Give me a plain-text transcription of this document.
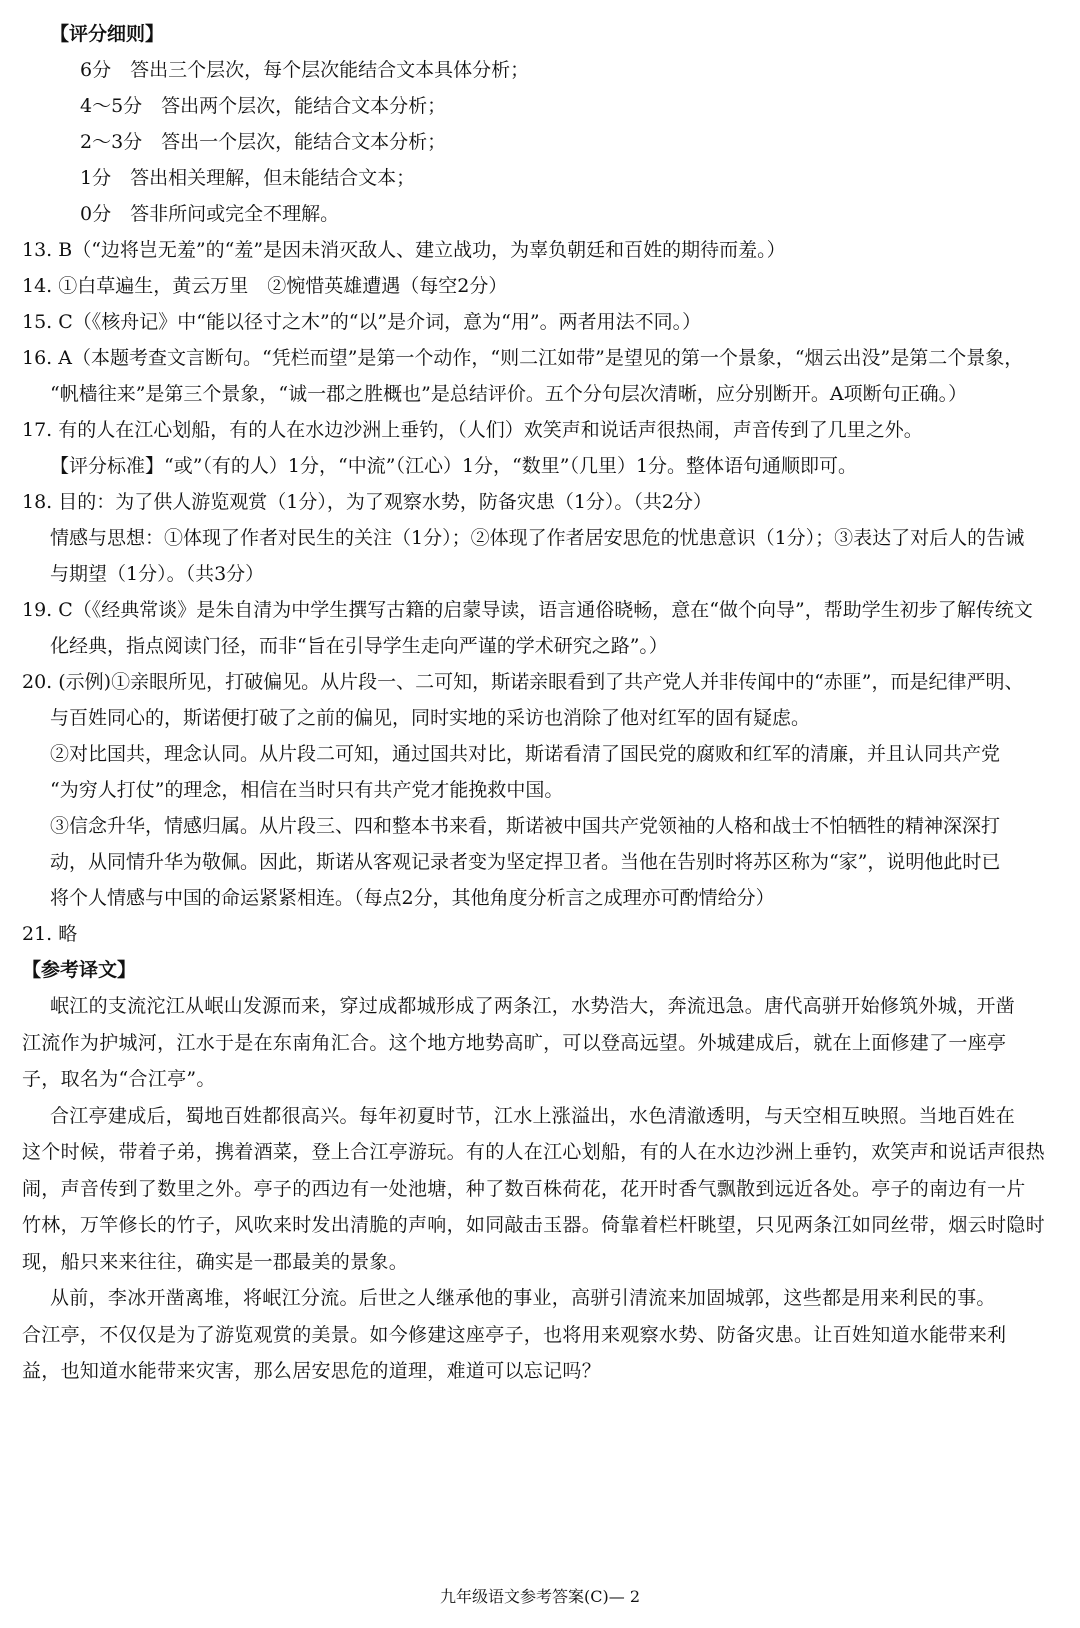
【评分细则】
6分　答出三个层次，每个层次能结合文本具体分析；
4～5分　答出两个层次，能结合文本分析；
2～3分　答出一个层次，能结合文本分析；
1分　答出相关理解，但未能结合文本；
0分　答非所问或完全不理解。
13. B（“边将岂无羞”的“羞”是因未消灭敌人、建立战功，为辜负朝廷和百姓的期待而羞。）
14. ①白草遍生，黄云万里　②惋惜英雄遭遇（每空2分）
15. C（《核舟记》中“能以径寸之木”的“以”是介词，意为“用”。两者用法不同。）
16. A（本题考查文言断句。“凭栏而望”是第一个动作，“则二江如带”是望见的第一个景象，“烟云出没”是第二个景象，
“帆樯往来”是第三个景象，“诚一郡之胜概也”是总结评价。五个分句层次清晰，应分别断开。A项断句正确。）
17. 有的人在江心划船，有的人在水边沙洲上垂钓，（人们）欢笑声和说话声很热闹，声音传到了几里之外。
【评分标准】“或”（有的人）1分，“中流”（江心）1分，“数里”（几里）1分。整体语句通顺即可。
18. 目的：为了供人游览观赏（1分），为了观察水势，防备灾患（1分）。（共2分）
情感与思想：①体现了作者对民生的关注（1分）；②体现了作者居安思危的忧患意识（1分）；③表达了对后人的告诫
与期望（1分）。（共3分）
19. C（《经典常谈》是朱自清为中学生撰写古籍的启蒙导读，语言通俗晓畅，意在“做个向导”，帮助学生初步了解传统文
化经典，指点阅读门径，而非“旨在引导学生走向严谨的学术研究之路”。）
20. (示例)①亲眼所见，打破偏见。从片段一、二可知，斯诺亲眼看到了共产党人并非传闻中的“赤匪”，而是纪律严明、
与百姓同心的，斯诺便打破了之前的偏见，同时实地的采访也消除了他对红军的固有疑虑。
②对比国共，理念认同。从片段二可知，通过国共对比，斯诺看清了国民党的腐败和红军的清廉，并且认同共产党
“为穷人打仗”的理念，相信在当时只有共产党才能挽救中国。
③信念升华，情感归属。从片段三、四和整本书来看，斯诺被中国共产党领袖的人格和战士不怕牺牲的精神深深打
动，从同情升华为敬佩。因此，斯诺从客观记录者变为坚定捍卫者。当他在告别时将苏区称为“家”，说明他此时已
将个人情感与中国的命运紧紧相连。（每点2分，其他角度分析言之成理亦可酌情给分）
21. 略
【参考译文】
岷江的支流沱江从岷山发源而来，穿过成都城形成了两条江，水势浩大，奔流迅急。唐代高骈开始修筑外城，开凿
江流作为护城河，江水于是在东南角汇合。这个地方地势高旷，可以登高远望。外城建成后，就在上面修建了一座亭
子，取名为“合江亭”。
合江亭建成后，蜀地百姓都很高兴。每年初夏时节，江水上涨溢出，水色清澈透明，与天空相互映照。当地百姓在
这个时候，带着子弟，携着酒菜，登上合江亭游玩。有的人在江心划船，有的人在水边沙洲上垂钓，欢笑声和说话声很热
闹，声音传到了数里之外。亭子的西边有一处池塘，种了数百株荷花，花开时香气飘散到远近各处。亭子的南边有一片
竹林，万竿修长的竹子，风吹来时发出清脆的声响，如同敲击玉器。倚靠着栏杆眺望，只见两条江如同丝带，烟云时隐时
现，船只来来往往，确实是一郡最美的景象。
从前，李冰开凿离堆，将岷江分流。后世之人继承他的事业，高骈引清流来加固城郭，这些都是用来利民的事。
合江亭，不仅仅是为了游览观赏的美景。如今修建这座亭子，也将用来观察水势、防备灾患。让百姓知道水能带来利
益，也知道水能带来灾害，那么居安思危的道理，难道可以忘记吗？
九年级语文参考答案(C)— 2
